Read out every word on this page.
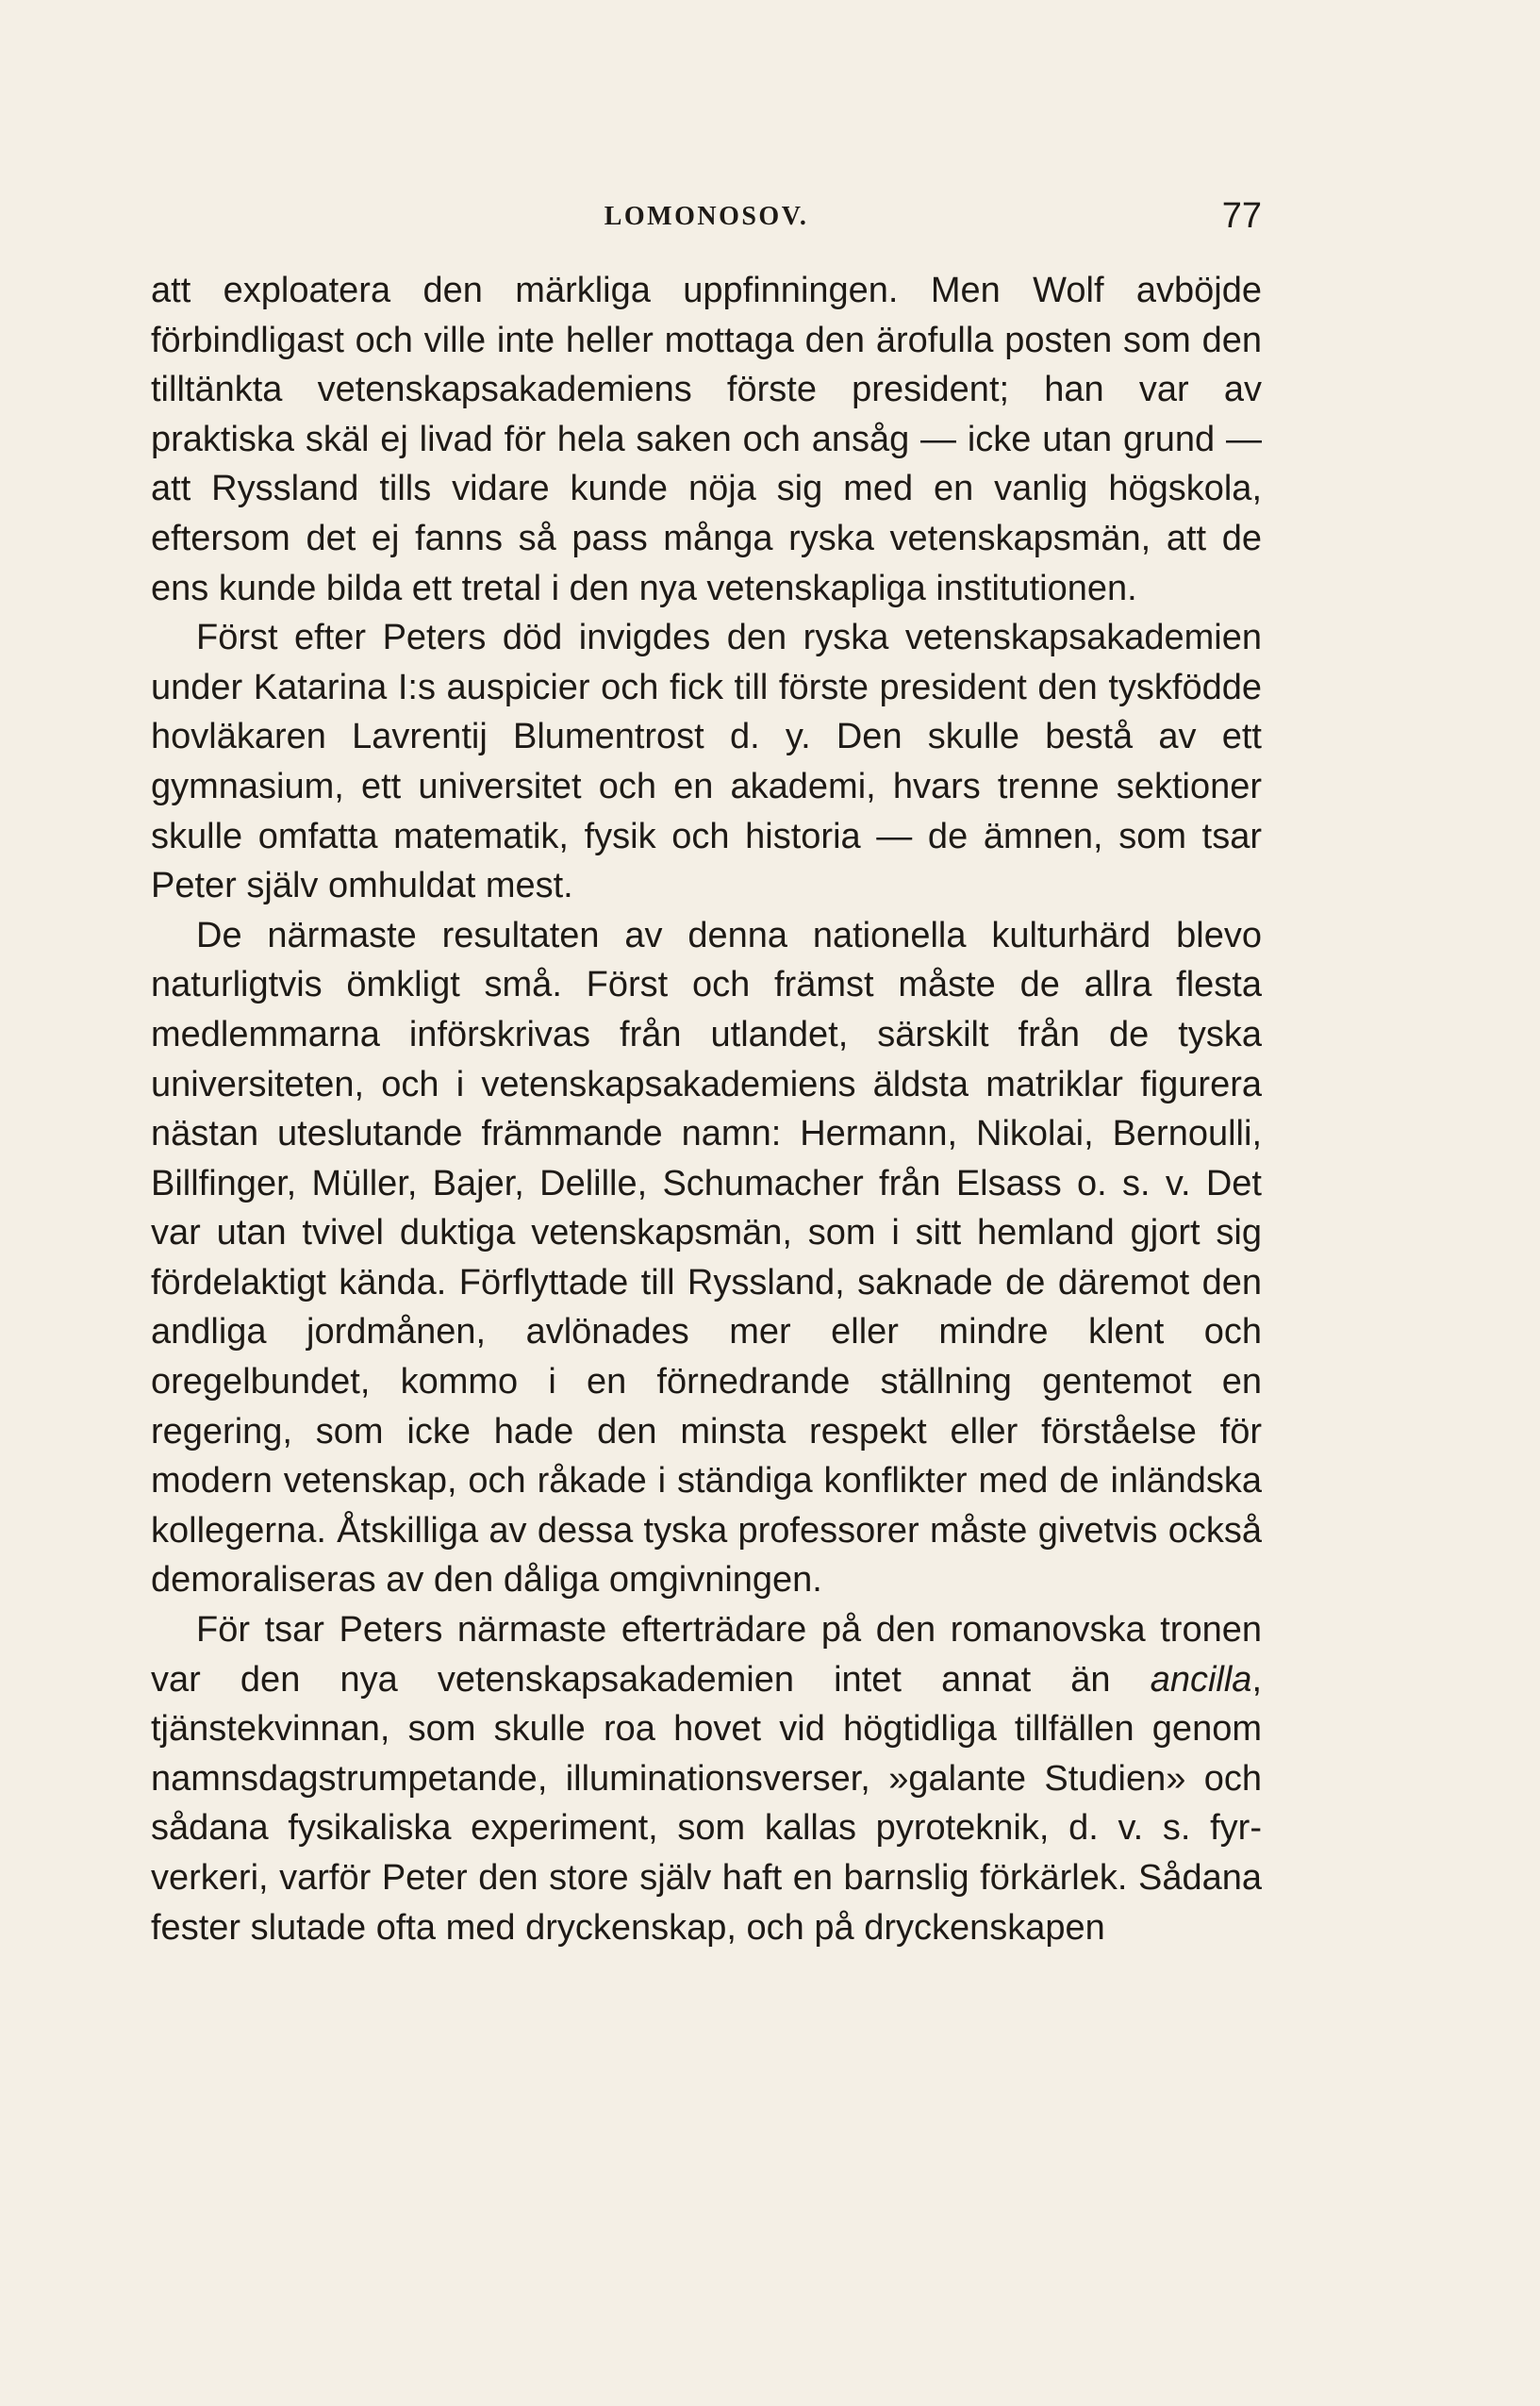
LOMONOSOV.	77

att exploatera den märkliga uppfinningen. Men Wolf avböjde förbindligast och ville inte heller mottaga den ärofulla posten som den tilltänkta vetenskapsakademiens förste president; han var av praktiska skäl ej livad för hela saken och ansåg — icke utan grund — att Ryssland tills vidare kunde nöja sig med en vanlig högskola, eftersom det ej fanns så pass många ryska vetenskapsmän, att de ens kunde bilda ett tretal i den nya vetenskapliga institutionen.

Först efter Peters död invigdes den ryska vetenskapsakademien under Katarina I:s auspicier och fick till förste president den tyskfödde hovläkaren Lavrentij Blumentrost d. y. Den skulle bestå av ett gymnasium, ett universitet och en akademi, hvars trenne sektioner skulle omfatta matematik, fysik och historia — de ämnen, som tsar Peter själv omhuldat mest.

De närmaste resultaten av denna nationella kulturhärd blevo naturligtvis ömkligt små. Först och främst måste de allra flesta medlemmarna införskrivas från utlandet, särskilt från de tyska universiteten, och i vetenskapsakademiens äldsta matriklar figurera nästan uteslutande främmande namn: Hermann, Nikolai, Bernoulli, Billfinger, Müller, Bajer, Delille, Schumacher från Elsass o. s. v. Det var utan tvivel duktiga vetenskapsmän, som i sitt hemland gjort sig fördelaktigt kända. Förflyttade till Ryssland, saknade de däremot den andliga jordmånen, avlönades mer eller mindre klent och oregelbundet, kommo i en förnedrande ställning gentemot en regering, som icke hade den minsta respekt eller förståelse för modern vetenskap, och råkade i ständiga konflikter med de inländska kollegerna. Åtskilliga av dessa tyska professorer måste givetvis också demoraliseras av den dåliga omgivningen.

För tsar Peters närmaste efterträdare på den romanovska tronen var den nya vetenskapsakademien intet annat än ancilla, tjänstekvinnan, som skulle roa hovet vid högtidliga tillfällen genom namnsdagstrumpetande, illuminationsverser, »galante Studien» och sådana fysikaliska experiment, som kallas pyroteknik, d. v. s. fyrverkeri, varför Peter den store själv haft en barnslig förkärlek. Sådana fester slutade ofta med dryckenskap, och på dryckenskapen
